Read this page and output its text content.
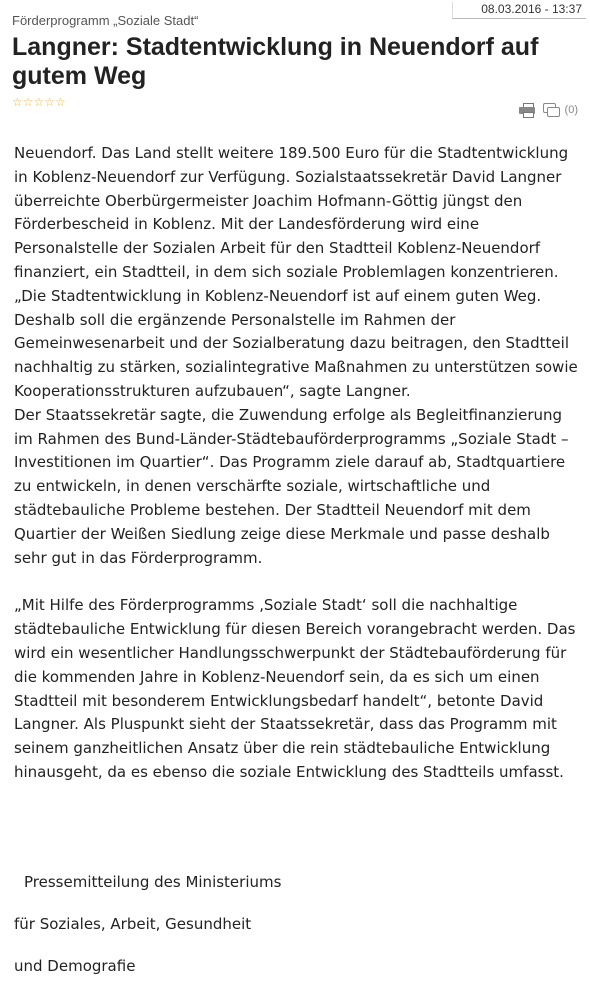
Förderprogramm „Soziale Stadt“
08.03.2016 - 13:37
Langner: Stadtentwicklung in Neuendorf auf gutem Weg
☆☆☆☆☆
(0)

Neuendorf. Das Land stellt weitere 189.500 Euro für die Stadtentwicklung in Koblenz-Neuendorf zur Verfügung. Sozialstaatssekretär David Langner überreichte Oberbürgermeister Joachim Hofmann-Göttig jüngst den Förderbescheid in Koblenz. Mit der Landesförderung wird eine Personalstelle der Sozialen Arbeit für den Stadtteil Koblenz-Neuendorf finanziert, ein Stadtteil, in dem sich soziale Problemlagen konzentrieren. „Die Stadtentwicklung in Koblenz-Neuendorf ist auf einem guten Weg. Deshalb soll die ergänzende Personalstelle im Rahmen der Gemeinwesenarbeit und der Sozialberatung dazu beitragen, den Stadtteil nachhaltig zu stärken, sozialintegrative Maßnahmen zu unterstützen sowie Kooperationsstrukturen aufzubauen“, sagte Langner.

Der Staatssekretär sagte, die Zuwendung erfolge als Begleitfinanzierung im Rahmen des Bund-Länder-Städtebauförderprogramms „Soziale Stadt – Investitionen im Quartier“. Das Programm ziele darauf ab, Stadtquartiere zu entwickeln, in denen verschärfte soziale, wirtschaftliche und städtebauliche Probleme bestehen. Der Stadtteil Neuendorf mit dem Quartier der Weißen Siedlung zeige diese Merkmale und passe deshalb sehr gut in das Förderprogramm.

„Mit Hilfe des Förderprogramms ‚Soziale Stadt‘ soll die nachhaltige städtebauliche Entwicklung für diesen Bereich vorangebracht werden. Das wird ein wesentlicher Handlungsschwerpunkt der Städtebauförderung für die kommenden Jahre in Koblenz-Neuendorf sein, da es sich um einen Stadtteil mit besonderem Entwicklungsbedarf handelt“, betonte David Langner. Als Pluspunkt sieht der Staatssekretär, dass das Programm mit seinem ganzheitlichen Ansatz über die rein städtebauliche Entwicklung hinausgeht, da es ebenso die soziale Entwicklung des Stadtteils umfasst.

Pressemitteilung des Ministeriums
für Soziales, Arbeit, Gesundheit
und Demografie
